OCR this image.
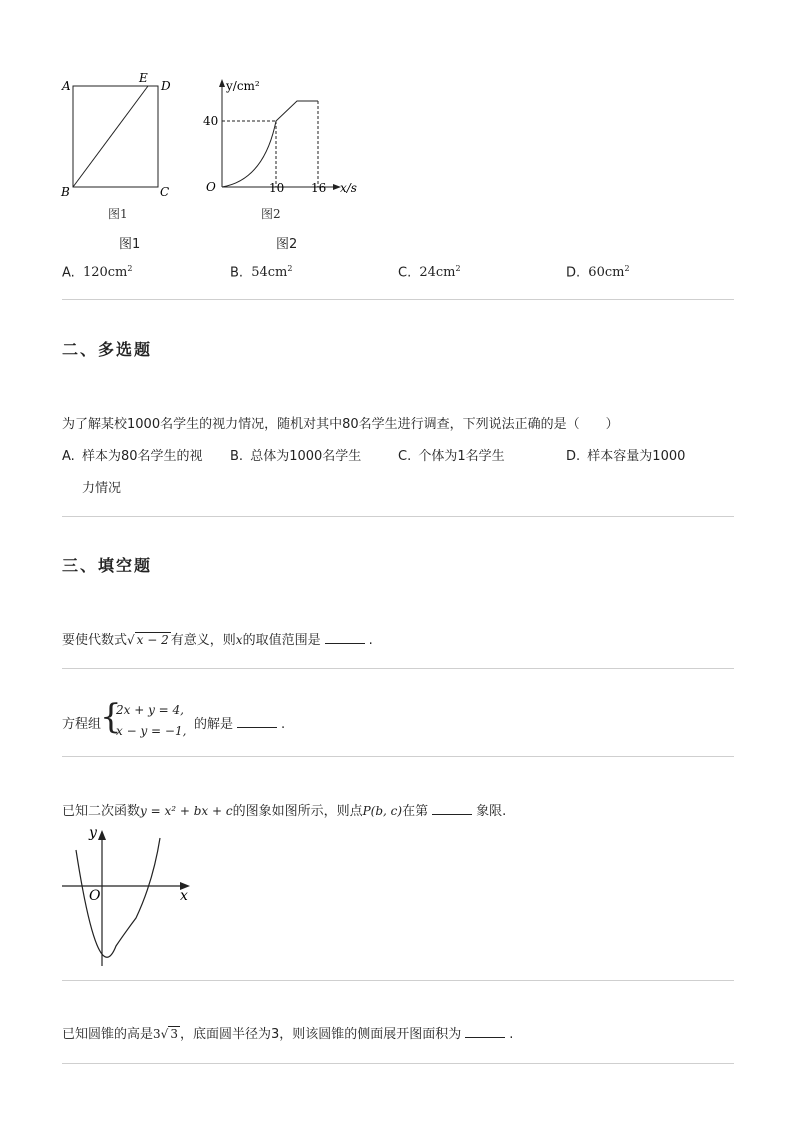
A
E
D
B	C
图1
图1
y/cm²
40
O	10 16 x/s
图2
图2
A. $120cm^2$	B. $54cm^2$	C. $24cm^2$	D. $60cm^2$
二、多选题
为了解某校1000名学生的视力情况，随机对其中80名学生进行调查，下列说法正确的是（　　）
A. 样本为80名学生的视
力情况
B. 总体为1000名学生	C. 个体为1名学生	D. 样本容量为1000
三、填空题
要使代数式√ x − 2 有意义，则x的取值范围是	.
方程组
{
2x + y = 4,
x − y = −1, 的解是	.
已知二次函数y = x² + bx + c的图象如图所示，则点P(b, c)在第	象限.
y
O	x
已知圆锥的高是3√ 3 ，底面圆半径为3，则该圆锥的侧面展开图面积为	.
